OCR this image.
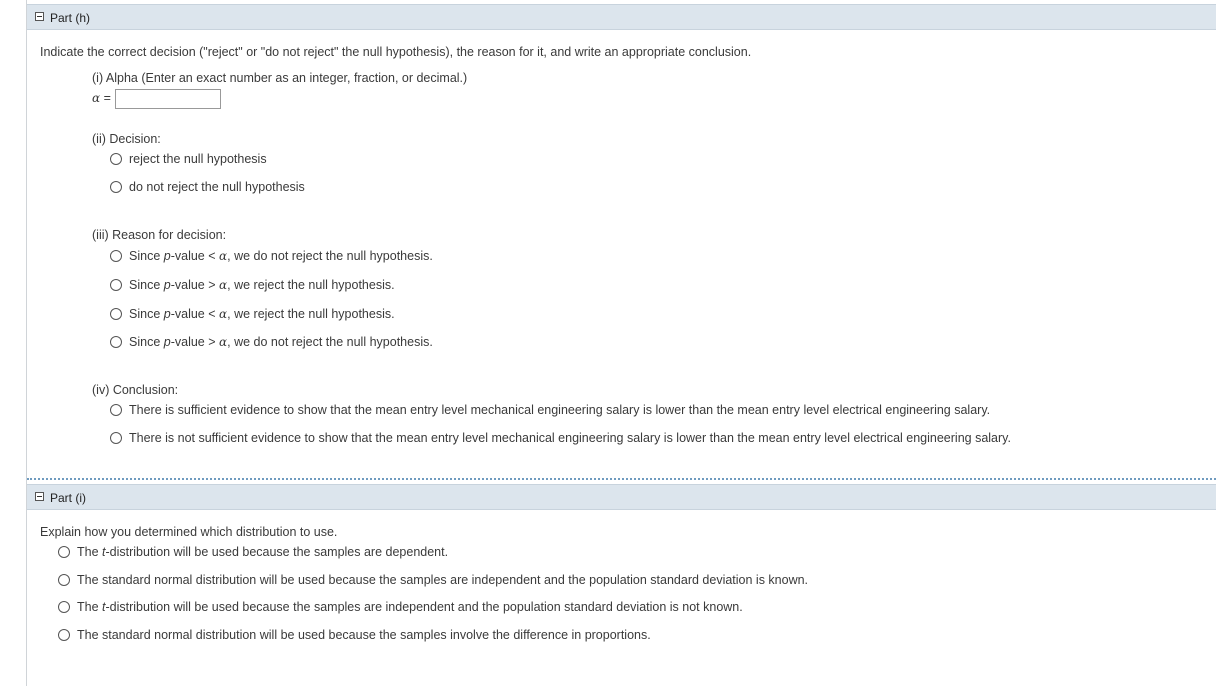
Part (h)
Indicate the correct decision ("reject" or "do not reject" the null hypothesis), the reason for it, and write an appropriate conclusion.
(i) Alpha (Enter an exact number as an integer, fraction, or decimal.)
α =
(ii) Decision:
reject the null hypothesis
do not reject the null hypothesis
(iii) Reason for decision:
Since p-value < α, we do not reject the null hypothesis.
Since p-value > α, we reject the null hypothesis.
Since p-value < α, we reject the null hypothesis.
Since p-value > α, we do not reject the null hypothesis.
(iv) Conclusion:
There is sufficient evidence to show that the mean entry level mechanical engineering salary is lower than the mean entry level electrical engineering salary.
There is not sufficient evidence to show that the mean entry level mechanical engineering salary is lower than the mean entry level electrical engineering salary.
Part (i)
Explain how you determined which distribution to use.
The t-distribution will be used because the samples are dependent.
The standard normal distribution will be used because the samples are independent and the population standard deviation is known.
The t-distribution will be used because the samples are independent and the population standard deviation is not known.
The standard normal distribution will be used because the samples involve the difference in proportions.
